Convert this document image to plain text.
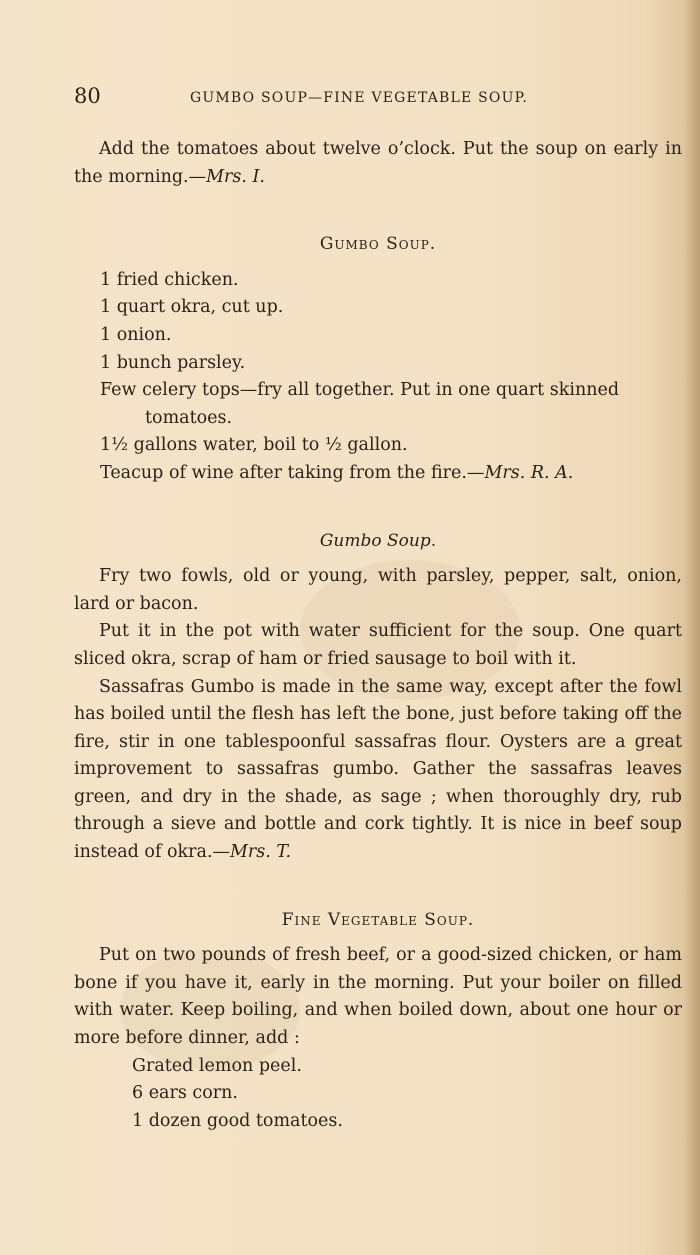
80	GUMBO SOUP—FINE VEGETABLE SOUP.

Add the tomatoes about twelve o’clock. Put the soup on early in the morning.—Mrs. I.

Gumbo Soup.

1 fried chicken.

1 quart okra, cut up.

1 onion.

1 bunch parsley.

Few celery tops—fry all together. Put in one quart skinned tomatoes.

1½ gallons water, boil to ½ gallon.

Teacup of wine after taking from the fire.—Mrs. R. A.

Gumbo Soup.

Fry two fowls, old or young, with parsley, pepper, salt, onion, lard or bacon.

Put it in the pot with water sufficient for the soup. One quart sliced okra, scrap of ham or fried sausage to boil with it.

Sassafras Gumbo is made in the same way, except after the fowl has boiled until the flesh has left the bone, just before taking off the fire, stir in one tablespoonful sassafras flour. Oysters are a great improvement to sassafras gumbo. Gather the sassafras leaves green, and dry in the shade, as sage ; when thoroughly dry, rub through a sieve and bottle and cork tightly. It is nice in beef soup instead of okra.—Mrs. T.

Fine Vegetable Soup.

Put on two pounds of fresh beef, or a good-sized chicken, or ham bone if you have it, early in the morning. Put your boiler on filled with water. Keep boiling, and when boiled down, about one hour or more before dinner, add :

Grated lemon peel.

6 ears corn.

1 dozen good tomatoes.
